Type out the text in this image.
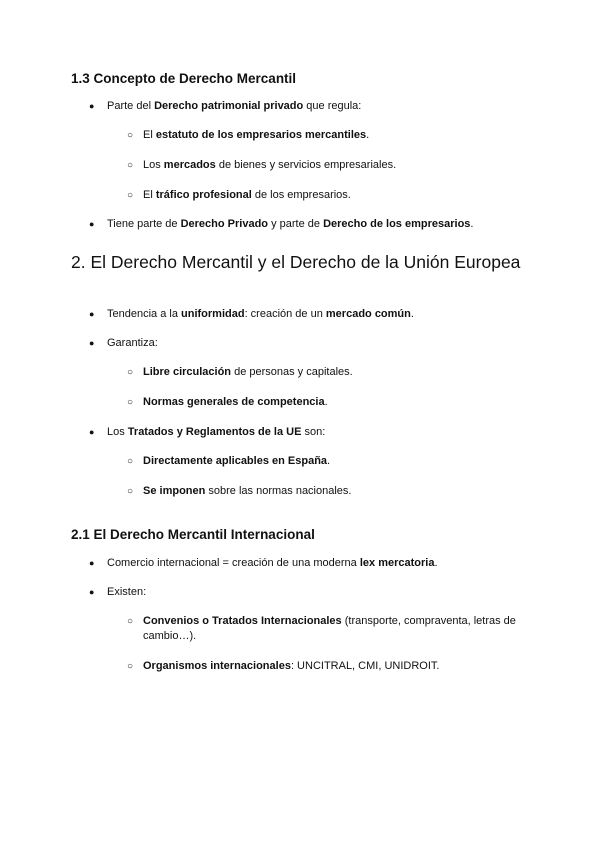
1.3 Concepto de Derecho Mercantil
● Parte del Derecho patrimonial privado que regula:
○ El estatuto de los empresarios mercantiles.
○ Los mercados de bienes y servicios empresariales.
○ El tráfico profesional de los empresarios.
● Tiene parte de Derecho Privado y parte de Derecho de los empresarios.
2. El Derecho Mercantil y el Derecho de la Unión Europea
● Tendencia a la uniformidad: creación de un mercado común.
● Garantiza:
○ Libre circulación de personas y capitales.
○ Normas generales de competencia.
● Los Tratados y Reglamentos de la UE son:
○ Directamente aplicables en España.
○ Se imponen sobre las normas nacionales.
2.1 El Derecho Mercantil Internacional
● Comercio internacional = creación de una moderna lex mercatoria.
● Existen:
○ Convenios o Tratados Internacionales (transporte, compraventa, letras de cambio…).
○ Organismos internacionales: UNCITRAL, CMI, UNIDROIT.
